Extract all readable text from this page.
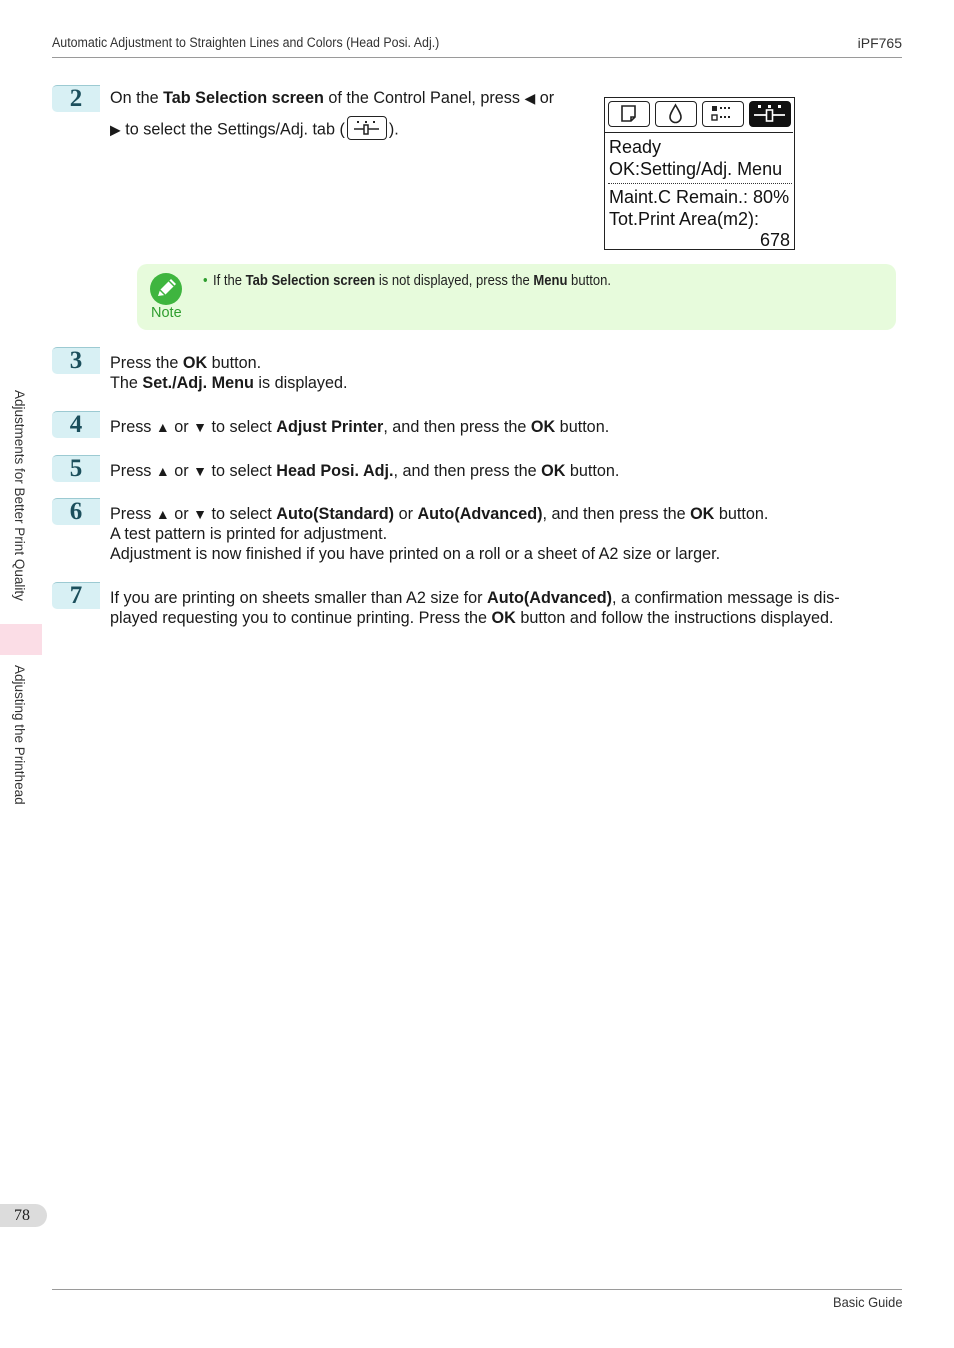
Automatic Adjustment to Straighten Lines and Colors (Head Posi. Adj.)	iPF765
2	On the Tab Selection screen of the Control Panel, press ◀ or
▶ to select the Settings/Adj. tab (	).
Ready
OK:Setting/Adj. Menu
Maint.C Remain.: 80%
Tot.Print Area(m2):
678
Note
• If the Tab Selection screen is not displayed, press the Menu button.
3	Press the OK button.
The Set./Adj. Menu is displayed.
4	Press ▲ or ▼ to select Adjust Printer, and then press the OK button.
5	Press ▲ or ▼ to select Head Posi. Adj., and then press the OK button.
6	Press ▲ or ▼ to select Auto(Standard) or Auto(Advanced), and then press the OK button.
A test pattern is printed for adjustment.
Adjustment is now finished if you have printed on a roll or a sheet of A2 size or larger.
7	If you are printing on sheets smaller than A2 size for Auto(Advanced), a confirmation message is dis-
played requesting you to continue printing. Press the OK button and follow the instructions displayed.
Adjustments for Better Print Quality
Adjusting the Printhead
78
Basic Guide
